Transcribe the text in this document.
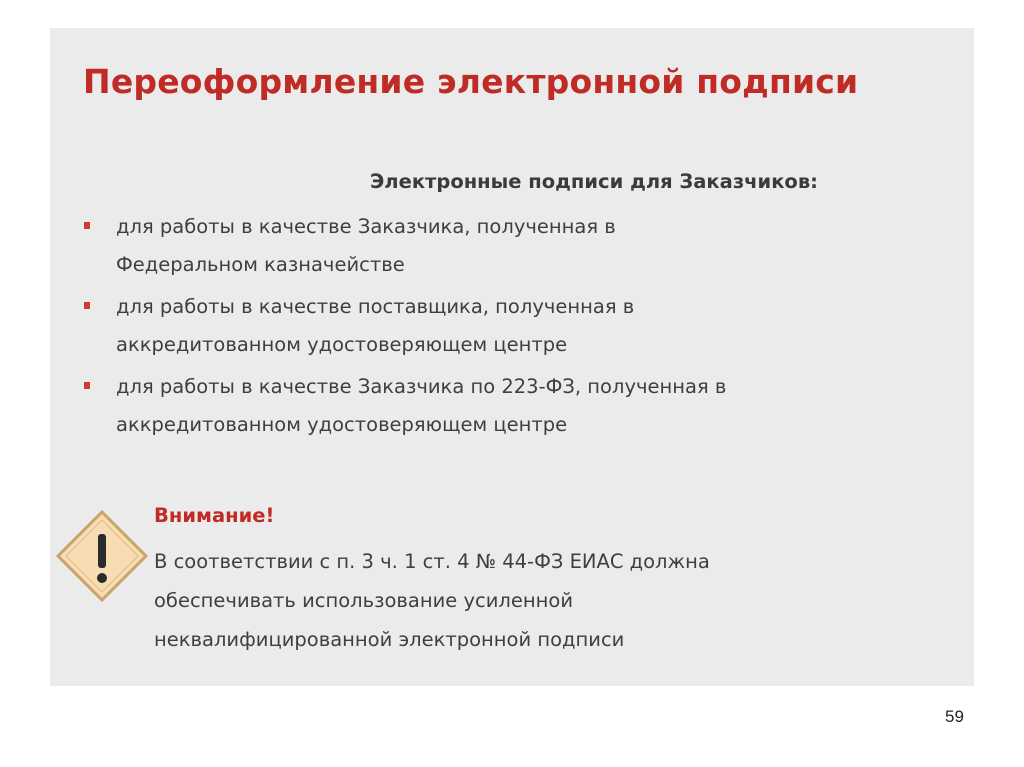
Переоформление электронной подписи
Электронные подписи для Заказчиков:
для работы в качестве Заказчика, полученная в
Федеральном казначействе
для работы в качестве поставщика, полученная в
аккредитованном удостоверяющем центре
для работы в качестве Заказчика по 223-ФЗ, полученная в
аккредитованном удостоверяющем центре
Внимание!

В соответствии с п. 3 ч. 1 ст. 4 № 44-ФЗ ЕИАС должна
обеспечивать использование усиленной
неквалифицированной электронной подписи

59
